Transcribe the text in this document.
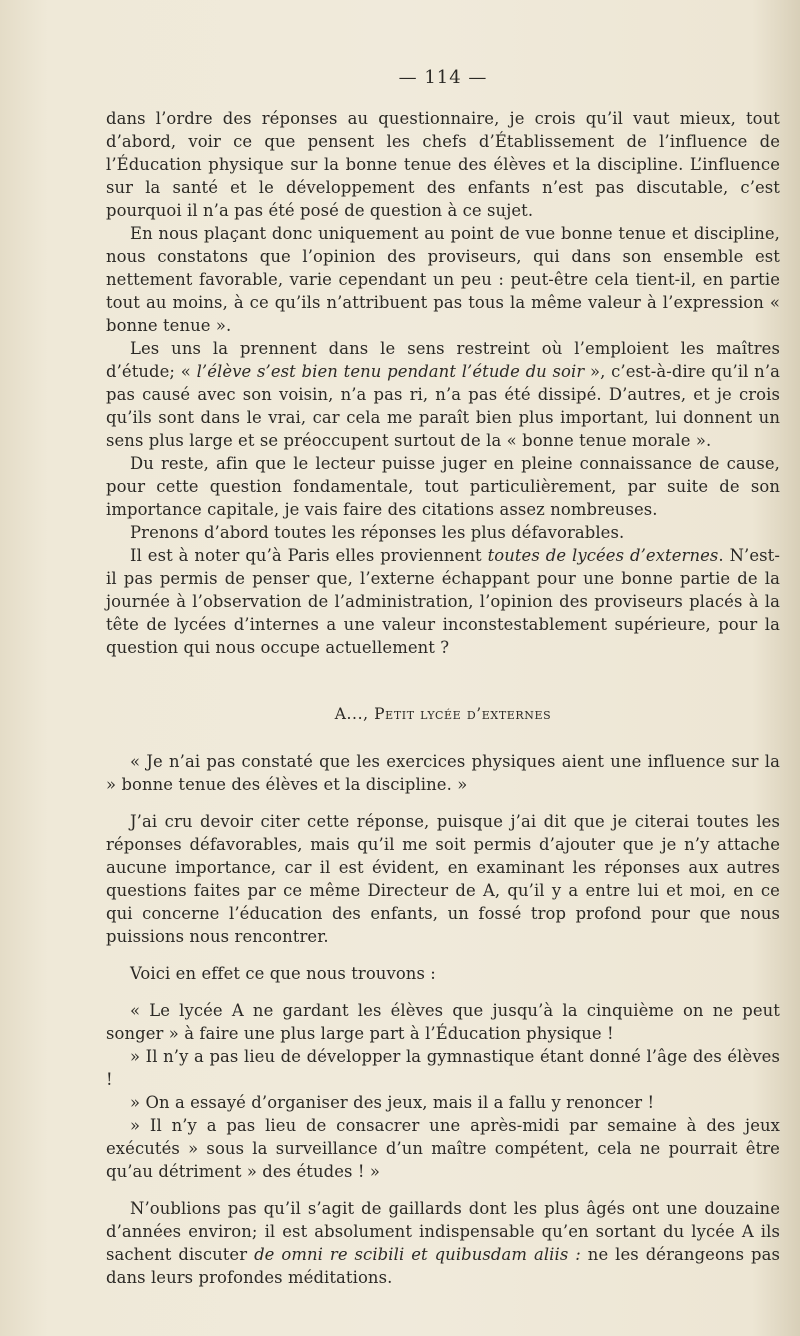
— 114 —

dans l’ordre des réponses au questionnaire, je crois qu’il vaut mieux, tout d’abord, voir ce que pensent les chefs d’Établissement de l’influence de l’Éducation physique sur la bonne tenue des élèves et la discipline. L’influence sur la santé et le développement des enfants n’est pas discutable, c’est pourquoi il n’a pas été posé de question à ce sujet.

En nous plaçant donc uniquement au point de vue bonne tenue et discipline, nous constatons que l’opinion des proviseurs, qui dans son ensemble est nettement favorable, varie cependant un peu : peut-être cela tient-il, en partie tout au moins, à ce qu’ils n’attribuent pas tous la même valeur à l’expression « bonne tenue ».

Les uns la prennent dans le sens restreint où l’emploient les maîtres d’étude; « l’élève s’est bien tenu pendant l’étude du soir », c’est-à-dire qu’il n’a pas causé avec son voisin, n’a pas ri, n’a pas été dissipé. D’autres, et je crois qu’ils sont dans le vrai, car cela me paraît bien plus important, lui donnent un sens plus large et se préoccupent surtout de la « bonne tenue morale ».

Du reste, afin que le lecteur puisse juger en pleine connaissance de cause, pour cette question fondamentale, tout particulièrement, par suite de son importance capitale, je vais faire des citations assez nombreuses.

Prenons d’abord toutes les réponses les plus défavorables.

Il est à noter qu’à Paris elles proviennent toutes de lycées d’externes. N’est-il pas permis de penser que, l’externe échappant pour une bonne partie de la journée à l’observation de l’administration, l’opinion des proviseurs placés à la tête de lycées d’internes a une valeur inconstestablement supérieure, pour la question qui nous occupe actuellement ?

A..., Petit lycée d’externes

« Je n’ai pas constaté que les exercices physiques aient une influence sur la » bonne tenue des élèves et la discipline. »

J’ai cru devoir citer cette réponse, puisque j’ai dit que je citerai toutes les réponses défavorables, mais qu’il me soit permis d’ajouter que je n’y attache aucune importance, car il est évident, en examinant les réponses aux autres questions faites par ce même Directeur de A, qu’il y a entre lui et moi, en ce qui concerne l’éducation des enfants, un fossé trop profond pour que nous puissions nous rencontrer.

Voici en effet ce que nous trouvons :

« Le lycée A ne gardant les élèves que jusqu’à la cinquième on ne peut songer » à faire une plus large part à l’Éducation physique !

» Il n’y a pas lieu de développer la gymnastique étant donné l’âge des élèves !

» On a essayé d’organiser des jeux, mais il a fallu y renoncer !

» Il n’y a pas lieu de consacrer une après-midi par semaine à des jeux exécutés » sous la surveillance d’un maître compétent, cela ne pourrait être qu’au détriment » des études ! »

N’oublions pas qu’il s’agit de gaillards dont les plus âgés ont une douzaine d’années environ; il est absolument indispensable qu’en sortant du lycée A ils sachent discuter de omni re scibili et quibusdam aliis : ne les dérangeons pas dans leurs profondes méditations.
